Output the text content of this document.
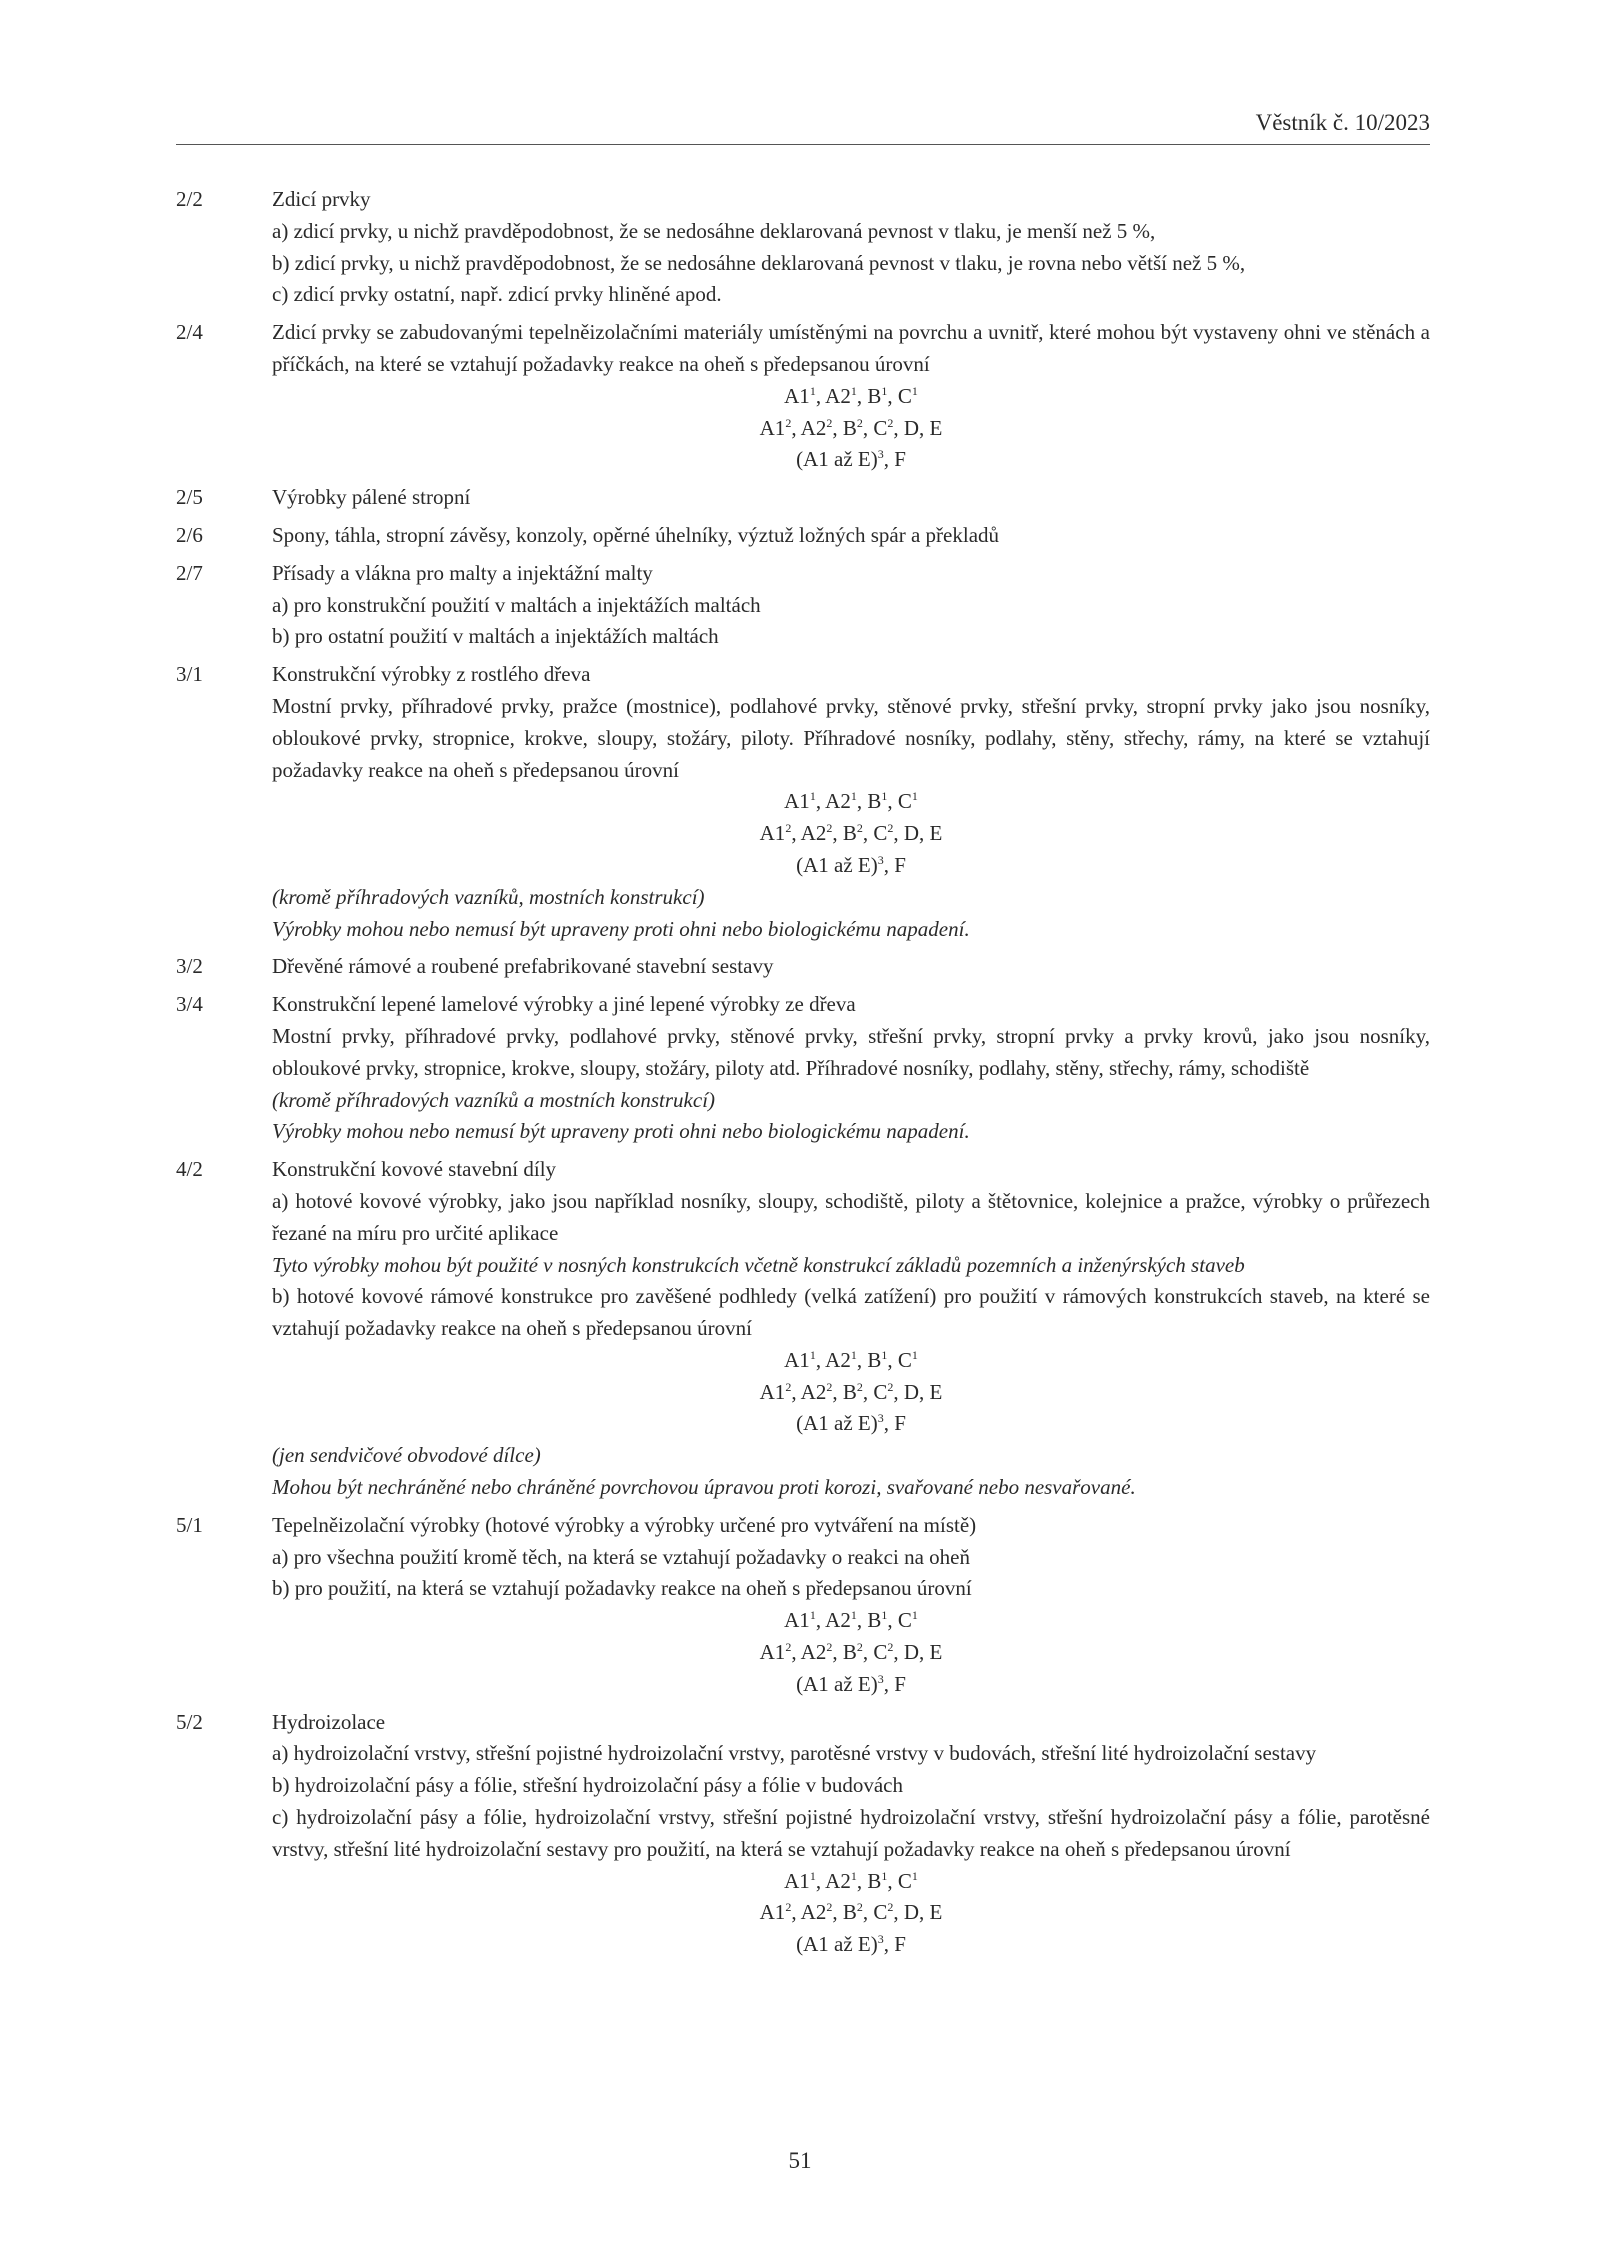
Věstník č. 10/2023
2/2	Zdicí prvky
a) zdicí prvky, u nichž pravděpodobnost, že se nedosáhne deklarovaná pevnost v tlaku, je menší než 5 %,
b) zdicí prvky, u nichž pravděpodobnost, že se nedosáhne deklarovaná pevnost v tlaku, je rovna nebo větší než 5 %,
c) zdicí prvky ostatní, např. zdicí prvky hliněné apod.
2/4	Zdicí prvky se zabudovanými tepelněizolačními materiály umístěnými na povrchu a uvnitř, které mohou být vystaveny ohni ve stěnách a příčkách, na které se vztahují požadavky reakce na oheň s předepsanou úrovní
$A1^1$, $A2^1$, $B^1$, $C^1$
$A1^2$, $A2^2$, $B^2$, $C^2$, D, E
(A1 až E)$^3$, F
2/5	Výrobky pálené stropní
2/6	Spony, táhla, stropní závěsy, konzoly, opěrné úhelníky, výztuž ložných spár a překladů
2/7	Přísady a vlákna pro malty a injektážní malty
a) pro konstrukční použití v maltách a injektážích maltách
b) pro ostatní použití v maltách a injektážích maltách
3/1	Konstrukční výrobky z rostlého dřeva
Mostní prvky, příhradové prvky, pražce (mostnice), podlahové prvky, stěnové prvky, střešní prvky, stropní prvky jako jsou nosníky, obloukové prvky, stropnice, krokve, sloupy, stožáry, piloty. Příhradové nosníky, podlahy, stěny, střechy, rámy, na které se vztahují požadavky reakce na oheň s předepsanou úrovní
$A1^1$, $A2^1$, $B^1$, $C^1$
$A1^2$, $A2^2$, $B^2$, $C^2$, D, E
(A1 až E)$^3$, F
(kromě příhradových vazníků, mostních konstrukcí)
Výrobky mohou nebo nemusí být upraveny proti ohni nebo biologickému napadení.
3/2	Dřevěné rámové a roubené prefabrikované stavební sestavy
3/4	Konstrukční lepené lamelové výrobky a jiné lepené výrobky ze dřeva
Mostní prvky, příhradové prvky, podlahové prvky, stěnové prvky, střešní prvky, stropní prvky a prvky krovů, jako jsou nosníky, obloukové prvky, stropnice, krokve, sloupy, stožáry, piloty atd. Příhradové nosníky, podlahy, stěny, střechy, rámy, schodiště
(kromě příhradových vazníků a mostních konstrukcí)
Výrobky mohou nebo nemusí být upraveny proti ohni nebo biologickému napadení.
4/2	Konstrukční kovové stavební díly
a) hotové kovové výrobky, jako jsou například nosníky, sloupy, schodiště, piloty a štětovnice, kolejnice a pražce, výrobky o průřezech řezané na míru pro určité aplikace
Tyto výrobky mohou být použité v nosných konstrukcích včetně konstrukcí základů pozemních a inženýrských staveb
b) hotové kovové rámové konstrukce pro zavěšené podhledy (velká zatížení) pro použití v rámových konstrukcích staveb, na které se vztahují požadavky reakce na oheň s předepsanou úrovní
$A1^1$, $A2^1$, $B^1$, $C^1$
$A1^2$, $A2^2$, $B^2$, $C^2$, D, E
(A1 až E)$^3$, F
(jen sendvičové obvodové dílce)
Mohou být nechráněné nebo chráněné povrchovou úpravou proti korozi, svařované nebo nesvařované.
5/1	Tepelněizolační výrobky (hotové výrobky a výrobky určené pro vytváření na místě)
a) pro všechna použití kromě těch, na která se vztahují požadavky o reakci na oheň
b) pro použití, na která se vztahují požadavky reakce na oheň s předepsanou úrovní
$A1^1$, $A2^1$, $B^1$, $C^1$
$A1^2$, $A2^2$, $B^2$, $C^2$, D, E
(A1 až E)$^3$, F
5/2	Hydroizolace
a) hydroizolační vrstvy, střešní pojistné hydroizolační vrstvy, parotěsné vrstvy v budovách, střešní lité hydroizolační sestavy
b) hydroizolační pásy a fólie, střešní hydroizolační pásy a fólie v budovách
c) hydroizolační pásy a fólie, hydroizolační vrstvy, střešní pojistné hydroizolační vrstvy, střešní hydroizolační pásy a fólie, parotěsné vrstvy, střešní lité hydroizolační sestavy pro použití, na která se vztahují požadavky reakce na oheň s předepsanou úrovní
$A1^1$, $A2^1$, $B^1$, $C^1$
$A1^2$, $A2^2$, $B^2$, $C^2$, D, E
(A1 až E)$^3$, F
51
